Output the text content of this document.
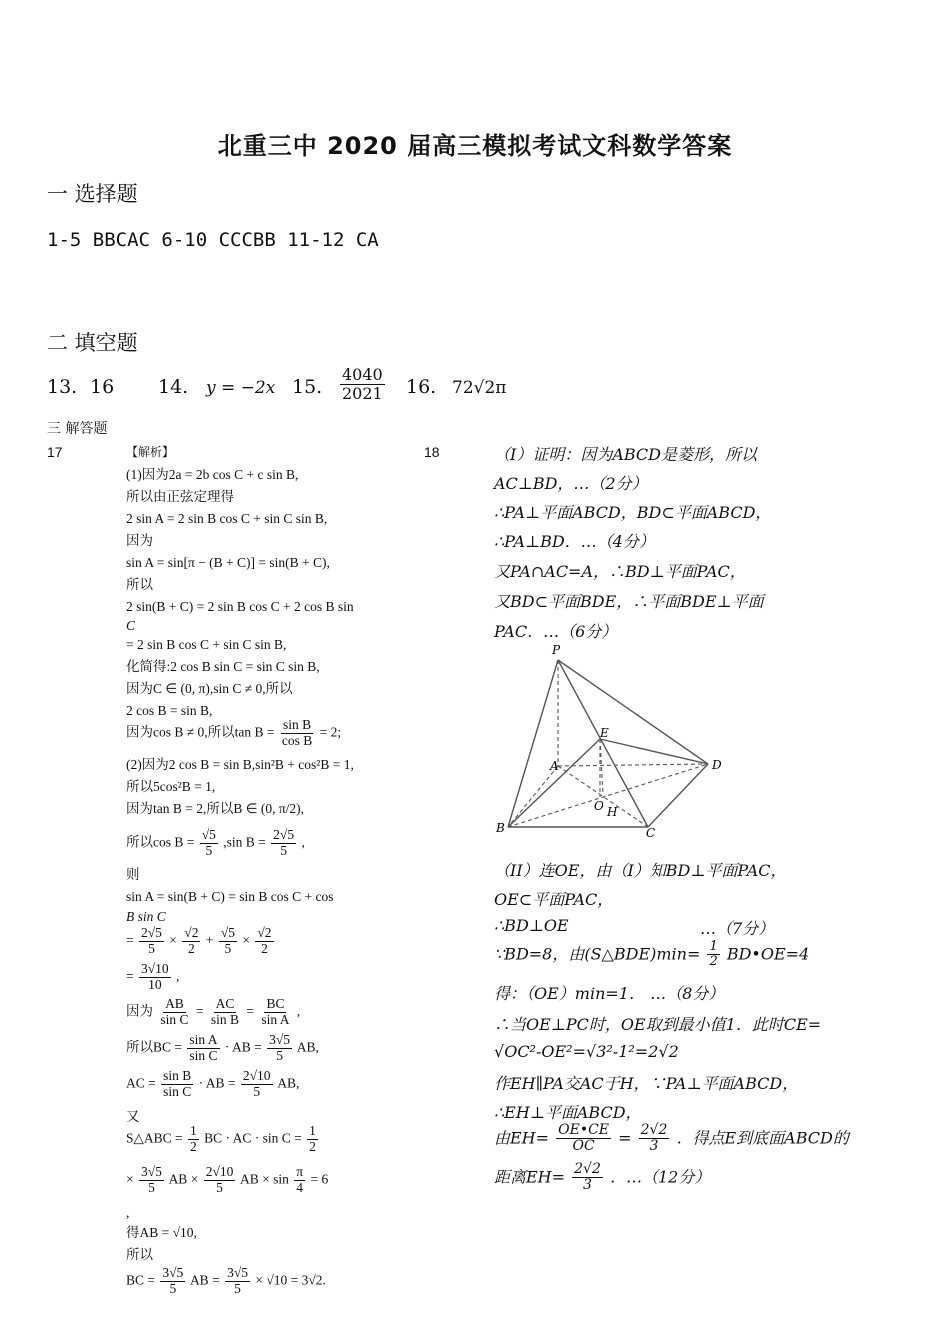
北重三中 2020 届高三模拟考试文科数学答案
一 选择题
1-5 BBCAC 6-10 CCCBB 11-12 CA
二 填空题
13. 16 14. y = −2x 15. $\frac{4040}{2021} 16$. 72√2π
三 解答题
17	18
【解析】
(1)因为2a = 2b cos C + c sin B,
所以由正弦定理得
2 sin A = 2 sin B cos C + sin C sin B,
因为
sin A = sin[π − (B + C)] = sin(B + C),
所以
2 sin(B + C) = 2 sin B cos C + 2 cos B sin
C
= 2 sin B cos C + sin C sin B,
化简得:2 cos B sin C = sin C sin B,
因为C ∈ (0, π),sin C ≠ 0,所以
2 cos B = sin B,
因为cos B ≠ 0,所以$\tan B = \frac{\text{sin B}}{\text{cos B}} = 2$;
(2)因为2 cos B = sin B,sin²B + cos²B = 1,
所以5cos²B = 1,
因为tan B = 2,所以B ∈ (0, π/2),
所以$\cos B = \frac{√5}{5} ,\sin$ $B = \frac{2√5}{5}$ ,
则
sin A = sin(B + C) = sin B cos C + cos
B sin C
= $\frac{2√5}{5} \times \frac{√2}{2} + \frac{√5}{5} \times \frac{√2}{2}$
= $\frac{3√10}{10}$ ,
因为 $\frac{AB}{\text{sin C}} = \frac{AC}{\text{sin B}} = \frac{BC}{\text{sin A}}$ ,
所以BC = $\frac{\text{sin A}}{\text{sin C}}$ · AB = $\frac{3√5}{5}$ AB,
AC = $\frac{\text{sin B}}{\text{sin C}}$ · AB = $\frac{2√10}{5}$ AB,
又
S△ABC = $\frac{1}{2}$ BC · AC · $\sin C = \frac{1}{2}$
× $\frac{3√5}{5}$ AB × $\frac{2√10}{5}$ AB × $\sin \frac{\pi}{4} = 6$
,
得AB = √10,
所以
BC = $\frac{3√5}{5}$ AB = $\frac{3√5}{5} \times √10 = 3√2$.
（I）证明：因为ABCD是菱形，所以
AC⊥BD，…（2分）
∴PA⊥平面ABCD，BD⊂平面ABCD，
∴PA⊥BD．…（4分）
又PA∩AC=A，∴BD⊥平面PAC，
又BD⊂平面BDE，∴平面BDE⊥平面
PAC．…（6分）
P
A
B	C
D
E
O H
（II）连OE，由（I）知BD⊥平面PAC，
OE⊂平面PAC，
∴BD⊥OE	…（7分）
∵BD=8，由(S△BDE)min= $\frac{1}{2}$ BD•OE=4
得：（OE）min=1． …（8分）
∴当OE⊥PC时，OE取到最小值1．此时CE=
√OC²-OE²=√3²-1²=2√2
作EH∥PA交AC于H，∵PA⊥平面ABCD，
∴EH⊥平面ABCD，
由$EH= \frac{OE•CE}{OC} = \frac{2√2}{3}$ ．得点E到底面ABCD的
距离$EH= \frac{2√2}{3}$ ．…（12分）
